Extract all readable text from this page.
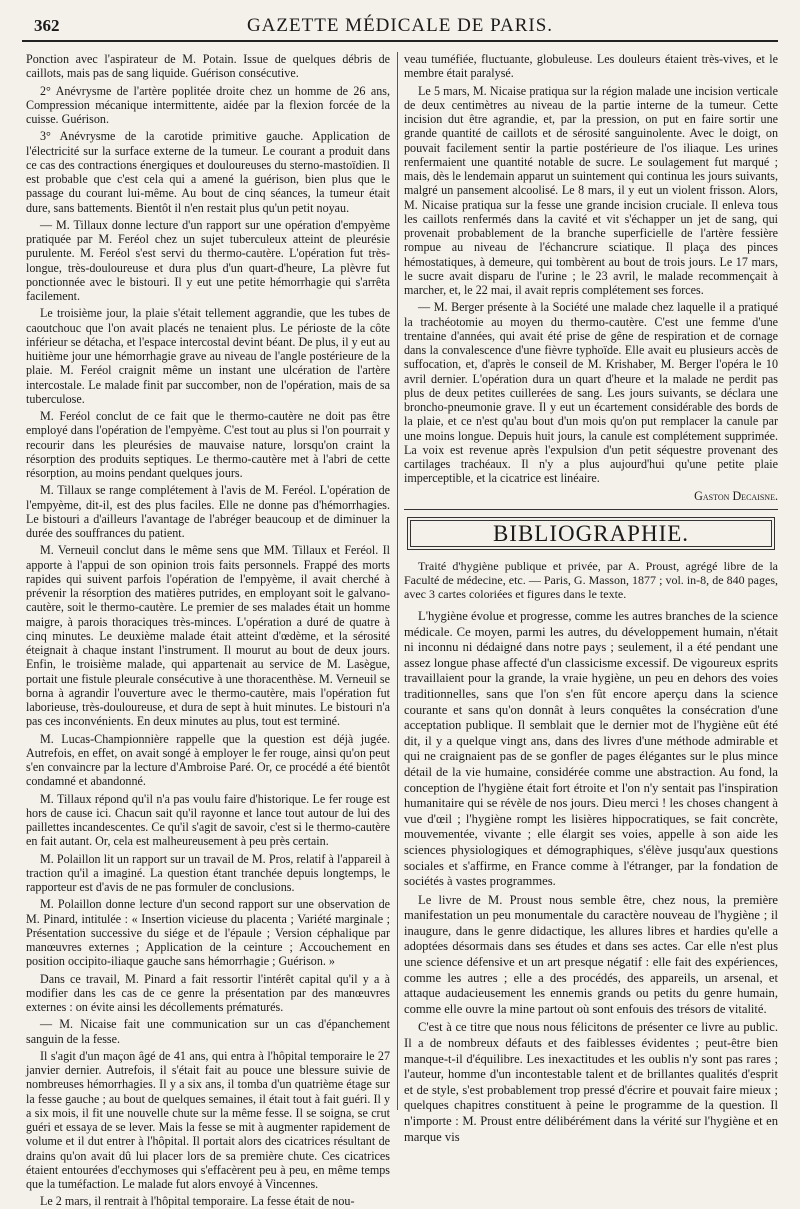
362	GAZETTE MÉDICALE DE PARIS.

Ponction avec l'aspirateur de M. Potain. Issue de quelques débris de caillots, mais pas de sang liquide. Guérison consécutive.

2° Anévrysme de l'artère poplitée droite chez un homme de 26 ans, Compression mécanique intermittente, aidée par la flexion forcée de la cuisse. Guérison.

3° Anévrysme de la carotide primitive gauche. Application de l'électricité sur la surface externe de la tumeur. Le courant a produit dans ce cas des contractions énergiques et douloureuses du sterno-mastoïdien. Il est probable que c'est cela qui a amené la guérison, bien plus que le passage du courant lui-même. Au bout de cinq séances, la tumeur était dure, sans battements. Bientôt il n'en restait plus qu'un petit noyau.

— M. Tillaux donne lecture d'un rapport sur une opération d'empyème pratiquée par M. Feréol chez un sujet tuberculeux atteint de pleurésie purulente. M. Feréol s'est servi du thermo-cautère. L'opération fut très-longue, très-douloureuse et dura plus d'un quart-d'heure, La plèvre fut ponctionnée avec le bistouri. Il y eut une petite hémorrhagie qui s'arrêta facilement.

Le troisième jour, la plaie s'était tellement aggrandie, que les tubes de caoutchouc que l'on avait placés ne tenaient plus. Le périoste de la côte inférieur se détacha, et l'espace intercostal devint béant. De plus, il y eut au huitième jour une hémorrhagie grave au niveau de l'angle postérieure de la plaie. M. Feréol craignit même un instant une ulcération de l'artère intercostale. Le malade finit par succomber, non de l'opération, mais de sa tuberculose.

M. Feréol conclut de ce fait que le thermo-cautère ne doit pas être employé dans l'opération de l'empyème. C'est tout au plus si l'on pourrait y recourir dans les pleurésies de mauvaise nature, lorsqu'on craint la résorption des produits septiques. Le thermo-cautère met à l'abri de cette résorption, au moins pendant quelques jours.

M. Tillaux se range complétement à l'avis de M. Feréol. L'opération de l'empyème, dit-il, est des plus faciles. Elle ne donne pas d'hémorrhagies. Le bistouri a d'ailleurs l'avantage de l'abréger beaucoup et de diminuer la durée des souffrances du patient.

M. Verneuil conclut dans le même sens que MM. Tillaux et Feréol. Il apporte à l'appui de son opinion trois faits personnels. Frappé des morts rapides qui suivent parfois l'opération de l'empyème, il avait cherché à prévenir la résorption des matières putrides, en employant soit le galvano-cautère, soit le thermo-cautère. Le premier de ses malades était un homme maigre, à parois thoraciques très-minces. L'opération a duré de quatre à cinq minutes. Le deuxième malade était atteint d'œdème, et la sérosité éteignait à chaque instant l'instrument. Il mourut au bout de deux jours. Enfin, le troisième malade, qui appartenait au service de M. Lasègue, portait une fistule pleurale consécutive à une thoracenthèse. M. Verneuil se borna à agrandir l'ouverture avec le thermo-cautère, mais l'opération fut laborieuse, très-douloureuse, et dura de sept à huit minutes. Le bistouri n'a pas ces inconvénients. En deux minutes au plus, tout est terminé.

M. Lucas-Championnière rappelle que la question est déjà jugée. Autrefois, en effet, on avait songé à employer le fer rouge, ainsi qu'on peut s'en convaincre par la lecture d'Ambroise Paré. Or, ce procédé a été bientôt condamné et abandonné.

M. Tillaux répond qu'il n'a pas voulu faire d'historique. Le fer rouge est hors de cause ici. Chacun sait qu'il rayonne et lance tout autour de lui des paillettes incandescentes. Ce qu'il s'agit de savoir, c'est si le thermo-cautère en fait autant. Or, cela est malheureusement à peu près certain.

M. Polaillon lit un rapport sur un travail de M. Pros, relatif à l'appareil à traction qu'il a imaginé. La question étant tranchée depuis longtemps, le rapporteur est d'avis de ne pas formuler de conclusions.

M. Polaillon donne lecture d'un second rapport sur une observation de M. Pinard, intitulée : « Insertion vicieuse du placenta ; Variété marginale ; Présentation successive du siége et de l'épaule ; Version céphalique par manœuvres externes ; Application de la ceinture ; Accouchement en position occipito-iliaque gauche sans hémorrhagie ; Guérison. »

Dans ce travail, M. Pinard a fait ressortir l'intérêt capital qu'il y a à modifier dans les cas de ce genre la présentation par des manœuvres externes : on évite ainsi les décollements prématurés.

— M. Nicaise fait une communication sur un cas d'épanchement sanguin de la fesse.

Il s'agit d'un maçon âgé de 41 ans, qui entra à l'hôpital temporaire le 27 janvier dernier. Autrefois, il s'était fait au pouce une blessure suivie de nombreuses hémorrhagies. Il y a six ans, il tomba d'un quatrième étage sur la fesse gauche ; au bout de quelques semaines, il était tout à fait guéri. Il y a six mois, il fit une nouvelle chute sur la même fesse. Il se soigna, se crut guéri et essaya de se lever. Mais la fesse se mit à augmenter rapidement de volume et il dut entrer à l'hôpital. Il portait alors des cicatrices résultant de drains qu'on avait dû lui placer lors de sa première chute. Ces cicatrices étaient entourées d'ecchymoses qui s'effacèrent peu à peu, en même temps que la tuméfaction. Le malade fut alors envoyé à Vincennes.

Le 2 mars, il rentrait à l'hôpital temporaire. La fesse était de nou-

veau tuméfiée, fluctuante, globuleuse. Les douleurs étaient très-vives, et le membre était paralysé.

Le 5 mars, M. Nicaise pratiqua sur la région malade une incision verticale de deux centimètres au niveau de la partie interne de la tumeur. Cette incision dut être agrandie, et, par la pression, on put en faire sortir une grande quantité de caillots et de sérosité sanguinolente. Avec le doigt, on pouvait facilement sentir la partie postérieure de l'os iliaque. Les urines renfermaient une quantité notable de sucre. Le soulagement fut marqué ; mais, dès le lendemain apparut un suintement qui continua les jours suivants, malgré un pansement alcoolisé. Le 8 mars, il y eut un violent frisson. Alors, M. Nicaise pratiqua sur la fesse une grande incision cruciale. Il enleva tous les caillots renfermés dans la cavité et vit s'échapper un jet de sang, qui provenait probablement de la branche superficielle de l'artère fessière rompue au niveau de l'échancrure sciatique. Il plaça des pinces hémostatiques, à demeure, qui tombèrent au bout de trois jours. Le 17 mars, le sucre avait disparu de l'urine ; le 23 avril, le malade recommençait à marcher, et, le 22 mai, il avait repris complétement ses forces.

— M. Berger présente à la Société une malade chez laquelle il a pratiqué la trachéotomie au moyen du thermo-cautère. C'est une femme d'une trentaine d'années, qui avait été prise de gêne de respiration et de cornage dans la convalescence d'une fièvre typhoïde. Elle avait eu plusieurs accès de suffocation, et, d'après le conseil de M. Krishaber, M. Berger l'opéra le 10 avril dernier. L'opération dura un quart d'heure et la malade ne perdit pas plus de deux petites cuillerées de sang. Les jours suivants, se déclara une broncho-pneumonie grave. Il y eut un écartement considérable des bords de la plaie, et ce n'est qu'au bout d'un mois qu'on put remplacer la canule par une moins longue. Depuis huit jours, la canule est complétement supprimée. La voix est revenue après l'expulsion d'un petit séquestre provenant des cartilages trachéaux. Il n'y a plus aujourd'hui qu'une petite plaie imperceptible, et la cicatrice est linéaire.

Gaston Decaisne.

BIBLIOGRAPHIE.

Traité d'hygiène publique et privée, par A. Proust, agrégé libre de la Faculté de médecine, etc. — Paris, G. Masson, 1877 ; vol. in-8, de 840 pages, avec 3 cartes coloriées et figures dans le texte.

L'hygiène évolue et progresse, comme les autres branches de la science médicale. Ce moyen, parmi les autres, du développement humain, n'était ni inconnu ni dédaigné dans notre pays ; seulement, il a été pendant une assez longue phase affecté d'un classicisme excessif. De vigoureux esprits travaillaient pour la grande, la vraie hygiène, un peu en dehors des voies traditionnelles, sans que l'on s'en fût encore aperçu dans la science courante et sans qu'on donnât à leurs conquêtes la consécration d'une acceptation publique. Il semblait que le dernier mot de l'hygiène eût été dit, il y a quelque vingt ans, dans des livres d'une méthode admirable et qui ne craignaient pas de se gonfler de pages élégantes sur le plus mince détail de la vie humaine, considérée comme une abstraction. Au fond, la conception de l'hygiène était fort étroite et l'on n'y sentait pas l'inspiration humanitaire qui se révèle de nos jours. Dieu merci ! les choses changent à vue d'œil ; l'hygiène rompt les lisières hippocratiques, se fait concrète, mouvementée, vivante ; elle élargit ses voies, appelle à son aide les sciences physiologiques et démographiques, s'élève jusqu'aux questions sociales et s'affirme, en France comme à l'étranger, par la fondation de sociétés à vastes programmes.

Le livre de M. Proust nous semble être, chez nous, la première manifestation un peu monumentale du caractère nouveau de l'hygiène ; il inaugure, dans le genre didactique, les allures libres et hardies qu'elle a adoptées désormais dans ses études et dans ses actes. Car elle n'est plus une science défensive et un art presque négatif : elle fait des expériences, comme les autres ; elle a des procédés, des appareils, un arsenal, et attaque audacieusement les ennemis grands ou petits du genre humain, comme elle ouvre la mine partout où sont enfouis des trésors de vitalité.

C'est à ce titre que nous nous félicitons de présenter ce livre au public. Il a de nombreux défauts et des faiblesses évidentes ; peut-être bien manque-t-il d'équilibre. Les inexactitudes et les oublis n'y sont pas rares ; l'auteur, homme d'un incontestable talent et de brillantes qualités d'esprit et de style, s'est probablement trop pressé d'écrire et pouvait faire mieux ; quelques chapitres constituent à peine le programme de la question. Il n'importe : M. Proust entre délibérément dans la vérité sur l'hygiène et en marque vis
